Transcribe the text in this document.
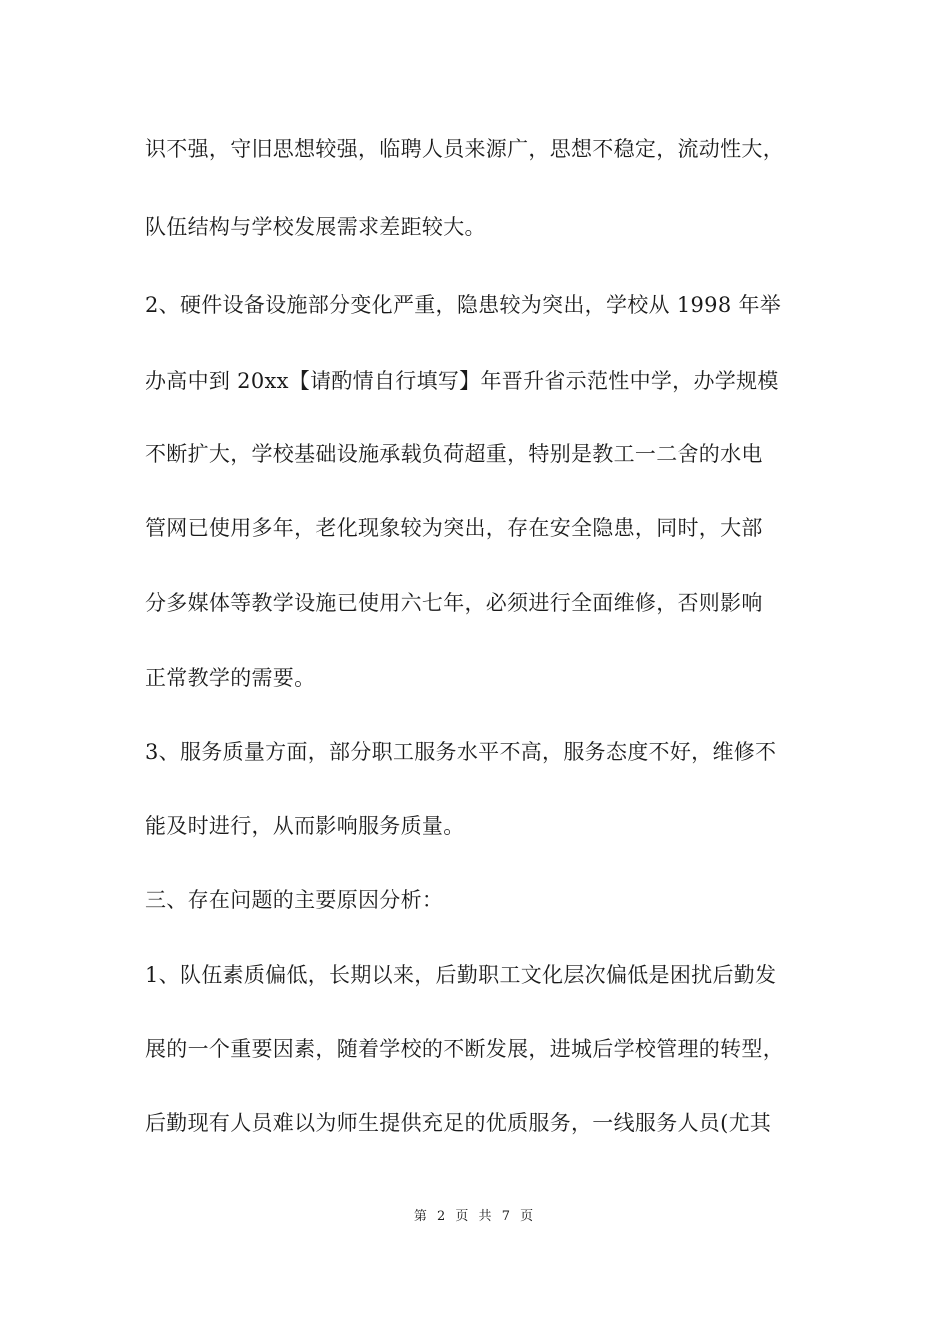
识不强，守旧思想较强，临聘人员来源广，思想不稳定，流动性大，
队伍结构与学校发展需求差距较大。
2、硬件设备设施部分变化严重，隐患较为突出，学校从 1998 年举
办高中到 20xx【请酌情自行填写】年晋升省示范性中学，办学规模
不断扩大，学校基础设施承载负荷超重，特别是教工一二舍的水电
管网已使用多年，老化现象较为突出，存在安全隐患，同时，大部
分多媒体等教学设施已使用六七年，必须进行全面维修，否则影响
正常教学的需要。
3、服务质量方面，部分职工服务水平不高，服务态度不好，维修不
能及时进行，从而影响服务质量。
三、存在问题的主要原因分析：
1、队伍素质偏低，长期以来，后勤职工文化层次偏低是困扰后勤发
展的一个重要因素，随着学校的不断发展，进城后学校管理的转型，
后勤现有人员难以为师生提供充足的优质服务，一线服务人员(尤其
第 2 页 共 7 页
